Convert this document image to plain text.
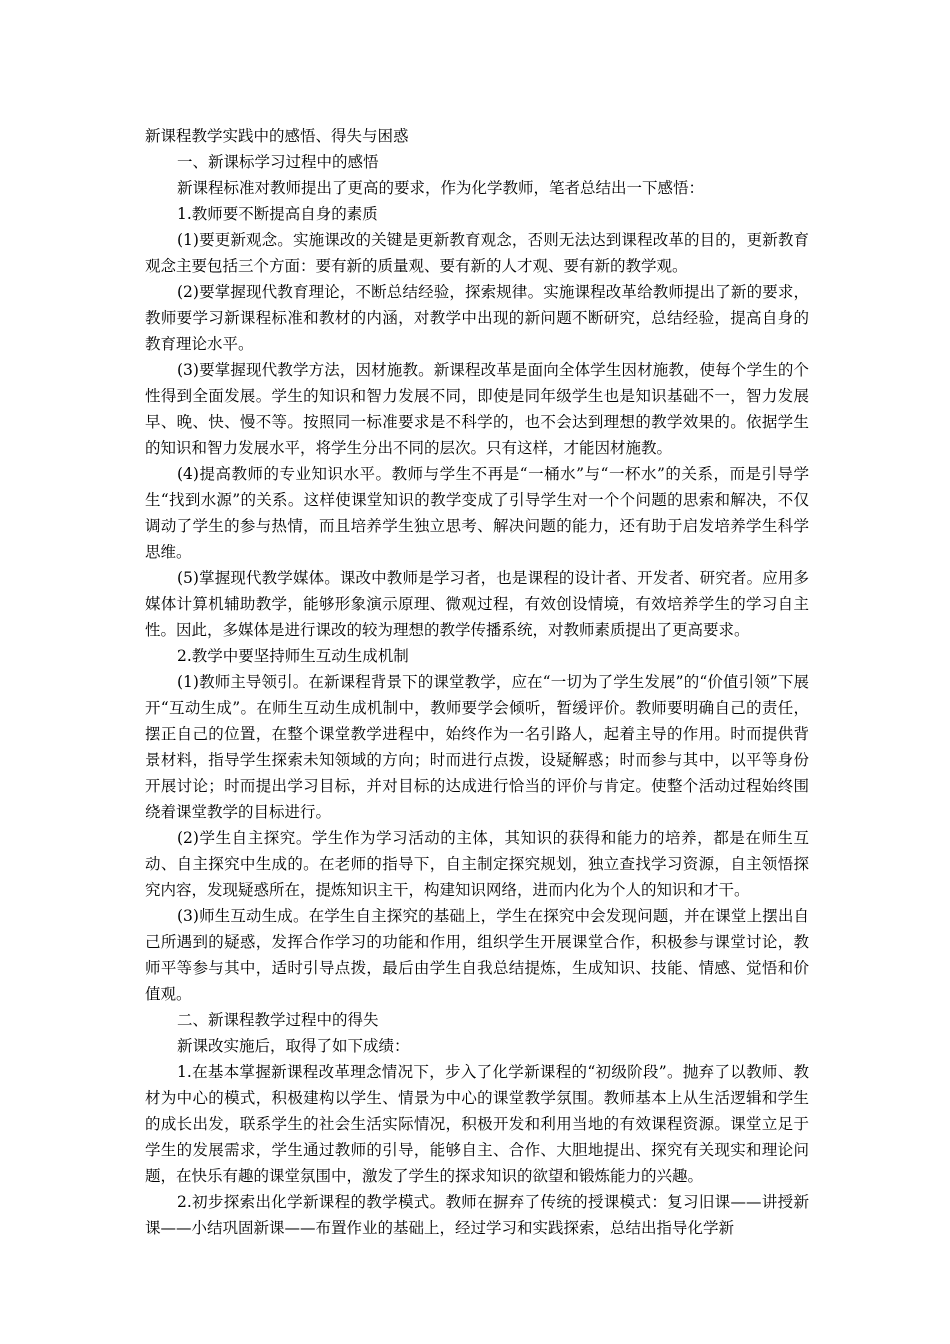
新课程教学实践中的感悟、得失与困惑

一、新课标学习过程中的感悟

新课程标准对教师提出了更高的要求，作为化学教师，笔者总结出一下感悟：

1.教师要不断提高自身的素质

(1)要更新观念。实施课改的关键是更新教育观念，否则无法达到课程改革的目的，更新教育观念主要包括三个方面：要有新的质量观、要有新的人才观、要有新的教学观。

(2)要掌握现代教育理论，不断总结经验，探索规律。实施课程改革给教师提出了新的要求，教师要学习新课程标准和教材的内涵，对教学中出现的新问题不断研究，总结经验，提高自身的教育理论水平。

(3)要掌握现代教学方法，因材施教。新课程改革是面向全体学生因材施教，使每个学生的个性得到全面发展。学生的知识和智力发展不同，即使是同年级学生也是知识基础不一，智力发展早、晚、快、慢不等。按照同一标准要求是不科学的，也不会达到理想的教学效果的。依据学生的知识和智力发展水平，将学生分出不同的层次。只有这样，才能因材施教。

(4)提高教师的专业知识水平。教师与学生不再是“一桶水”与“一杯水”的关系，而是引导学生“找到水源”的关系。这样使课堂知识的教学变成了引导学生对一个个问题的思索和解决，不仅调动了学生的参与热情，而且培养学生独立思考、解决问题的能力，还有助于启发培养学生科学思维。

(5)掌握现代教学媒体。课改中教师是学习者，也是课程的设计者、开发者、研究者。应用多媒体计算机辅助教学，能够形象演示原理、微观过程，有效创设情境，有效培养学生的学习自主性。因此，多媒体是进行课改的较为理想的教学传播系统，对教师素质提出了更高要求。

2.教学中要坚持师生互动生成机制

(1)教师主导领引。在新课程背景下的课堂教学，应在“一切为了学生发展”的“价值引领”下展开“互动生成”。在师生互动生成机制中，教师要学会倾听，暂缓评价。教师要明确自己的责任，摆正自己的位置，在整个课堂教学进程中，始终作为一名引路人，起着主导的作用。时而提供背景材料，指导学生探索未知领域的方向；时而进行点拨，设疑解惑；时而参与其中，以平等身份开展讨论；时而提出学习目标，并对目标的达成进行恰当的评价与肯定。使整个活动过程始终围绕着课堂教学的目标进行。

(2)学生自主探究。学生作为学习活动的主体，其知识的获得和能力的培养，都是在师生互动、自主探究中生成的。在老师的指导下，自主制定探究规划，独立查找学习资源，自主领悟探究内容，发现疑惑所在，提炼知识主干，构建知识网络，进而内化为个人的知识和才干。

(3)师生互动生成。在学生自主探究的基础上，学生在探究中会发现问题，并在课堂上摆出自己所遇到的疑惑，发挥合作学习的功能和作用，组织学生开展课堂合作，积极参与课堂讨论，教师平等参与其中，适时引导点拨，最后由学生自我总结提炼，生成知识、技能、情感、觉悟和价值观。

二、新课程教学过程中的得失

新课改实施后，取得了如下成绩：

1.在基本掌握新课程改革理念情况下，步入了化学新课程的“初级阶段”。抛弃了以教师、教材为中心的模式，积极建构以学生、情景为中心的课堂教学氛围。教师基本上从生活逻辑和学生的成长出发，联系学生的社会生活实际情况，积极开发和利用当地的有效课程资源。课堂立足于学生的发展需求，学生通过教师的引导，能够自主、合作、大胆地提出、探究有关现实和理论问题，在快乐有趣的课堂氛围中，激发了学生的探求知识的欲望和锻炼能力的兴趣。

2.初步探索出化学新课程的教学模式。教师在摒弃了传统的授课模式：复习旧课——讲授新课——小结巩固新课——布置作业的基础上，经过学习和实践探索，总结出指导化学新
